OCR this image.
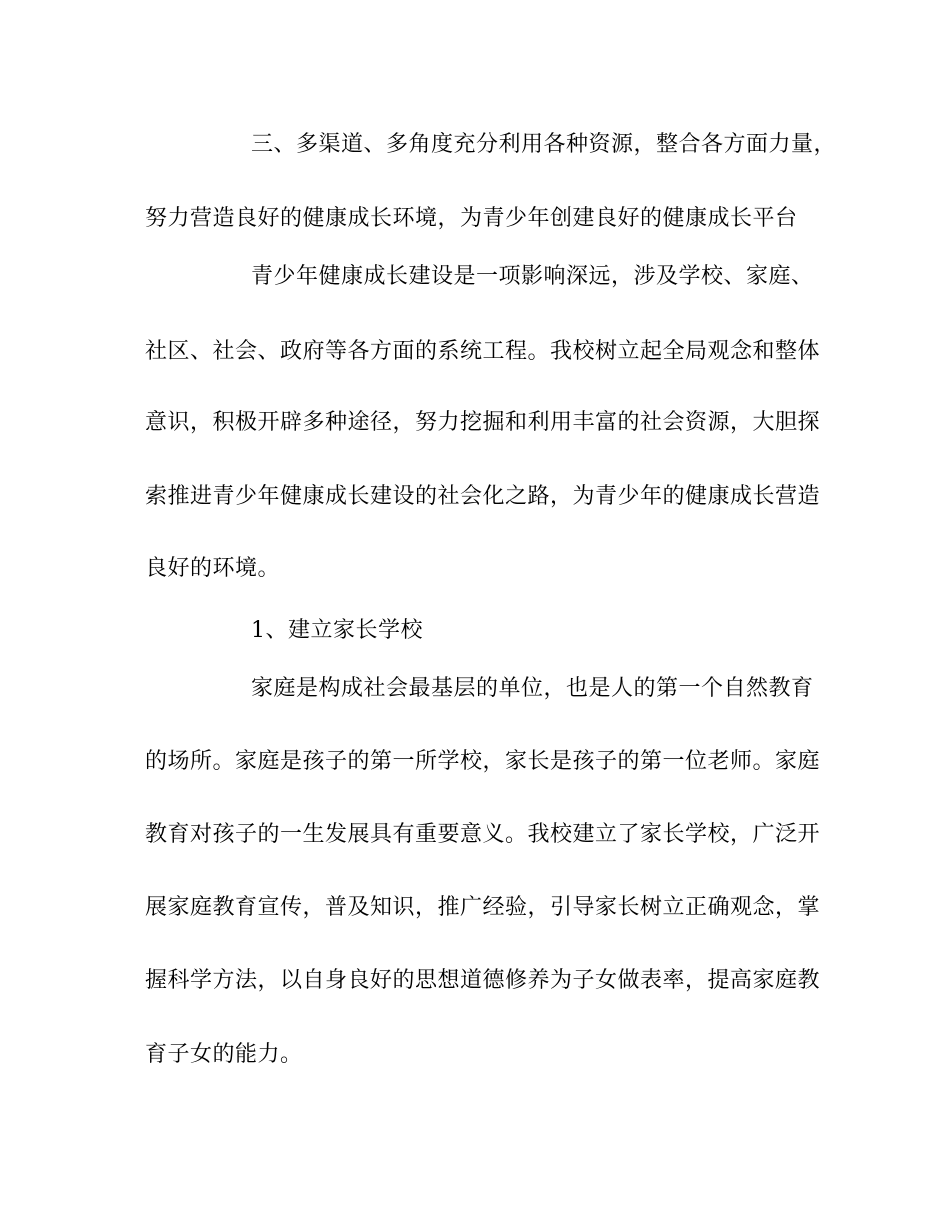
三、多渠道、多角度充分利用各种资源，整合各方面力量，
努力营造良好的健康成长环境，为青少年创建良好的健康成长平台
青少年健康成长建设是一项影响深远，涉及学校、家庭、
社区、社会、政府等各方面的系统工程。我校树立起全局观念和整体
意识，积极开辟多种途径，努力挖掘和利用丰富的社会资源，大胆探
索推进青少年健康成长建设的社会化之路，为青少年的健康成长营造
良好的环境。
1、建立家长学校
家庭是构成社会最基层的单位，也是人的第一个自然教育
的场所。家庭是孩子的第一所学校，家长是孩子的第一位老师。家庭
教育对孩子的一生发展具有重要意义。我校建立了家长学校，广泛开
展家庭教育宣传，普及知识，推广经验，引导家长树立正确观念，掌
握科学方法，以自身良好的思想道德修养为子女做表率，提高家庭教
育子女的能力。
